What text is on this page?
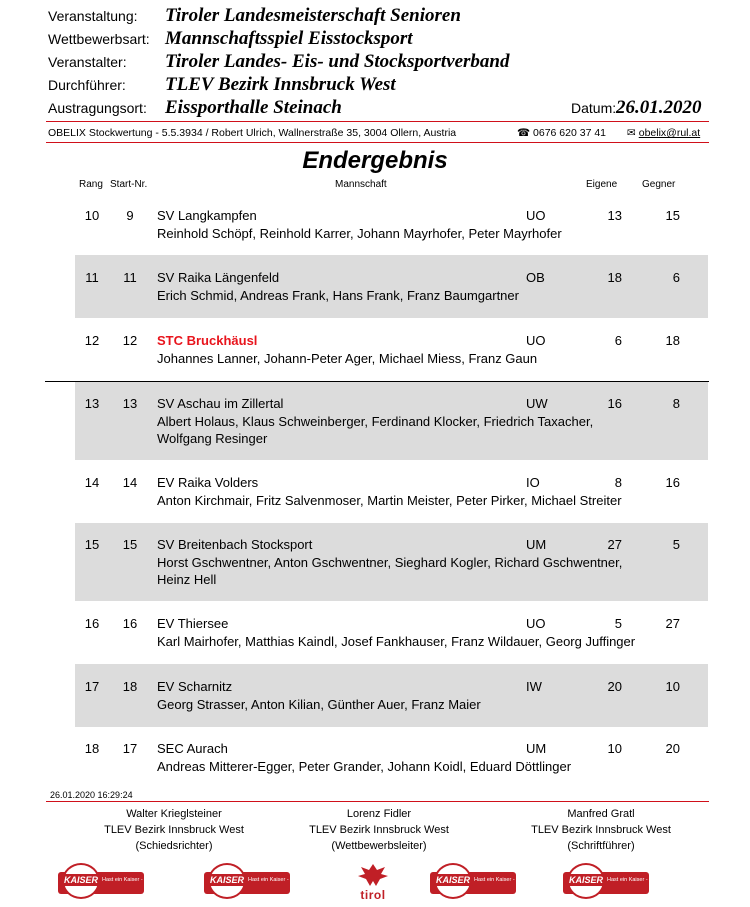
Veranstaltung: Tiroler Landesmeisterschaft Senioren
Wettbewerbsart: Mannschaftsspiel Eisstocksport
Veranstalter: Tiroler Landes- Eis- und Stocksportverband
Durchführer: TLEV Bezirk Innsbruck West
Austragungsort: Eissporthalle Steinach	Datum: 26.01.2020
OBELIX Stockwertung - 5.5.3934 / Robert Ulrich, Wallnerstraße 35, 3004 Ollern, Austria	☎ 0676 620 37 41 ✉ obelix@rul.at
Endergebnis
Rang Start-Nr.	Mannschaft	Eigene Gegner
10	9	SV Langkampfen	UO	13	15
Reinhold Schöpf, Reinhold Karrer, Johann Mayrhofer, Peter Mayrhofer
11	11	SV Raika Längenfeld	OB	18	6
Erich Schmid, Andreas Frank, Hans Frank, Franz Baumgartner
12	12	STC Bruckhäusl	UO	6	18
Johannes Lanner, Johann-Peter Ager, Michael Miess, Franz Gaun
13	13	SV Aschau im Zillertal	UW	16	8
Albert Holaus, Klaus Schweinberger, Ferdinand Klocker, Friedrich Taxacher,
Wolfgang Resinger
14	14	EV Raika Volders	IO	8	16
Anton Kirchmair, Fritz Salvenmoser, Martin Meister, Peter Pirker, Michael Streiter
15	15	SV Breitenbach Stocksport	UM	27	5
Horst Gschwentner, Anton Gschwentner, Sieghard Kogler, Richard Gschwentner,
Heinz Hell
16	16	EV Thiersee	UO	5	27
Karl Mairhofer, Matthias Kaindl, Josef Fankhauser, Franz Wildauer, Georg Juffinger
17	18	EV Scharnitz	IW	20	10
Georg Strasser, Anton Kilian, Günther Auer, Franz Maier
18	17	SEC Aurach	UM	10	20
Andreas Mitterer-Egger, Peter Grander, Johann Koidl, Eduard Döttlinger
26.01.2020 16:29:24
Walter Krieglsteiner
TLEV Bezirk Innsbruck West
(Schiedsrichter)
Lorenz Fidler
TLEV Bezirk Innsbruck West
(Wettbewerbsleiter)
Manfred Gratl
TLEV Bezirk Innsbruck West
(Schriftführer)
KAISER Hast ein Kaiser - bist ein Kaiser	KAISER Hast ein Kaiser - bist ein Kaiser
tirol
KAISER Hast ein Kaiser - bist ein Kaiser	KAISER Hast ein Kaiser - bist ein Kaiser
